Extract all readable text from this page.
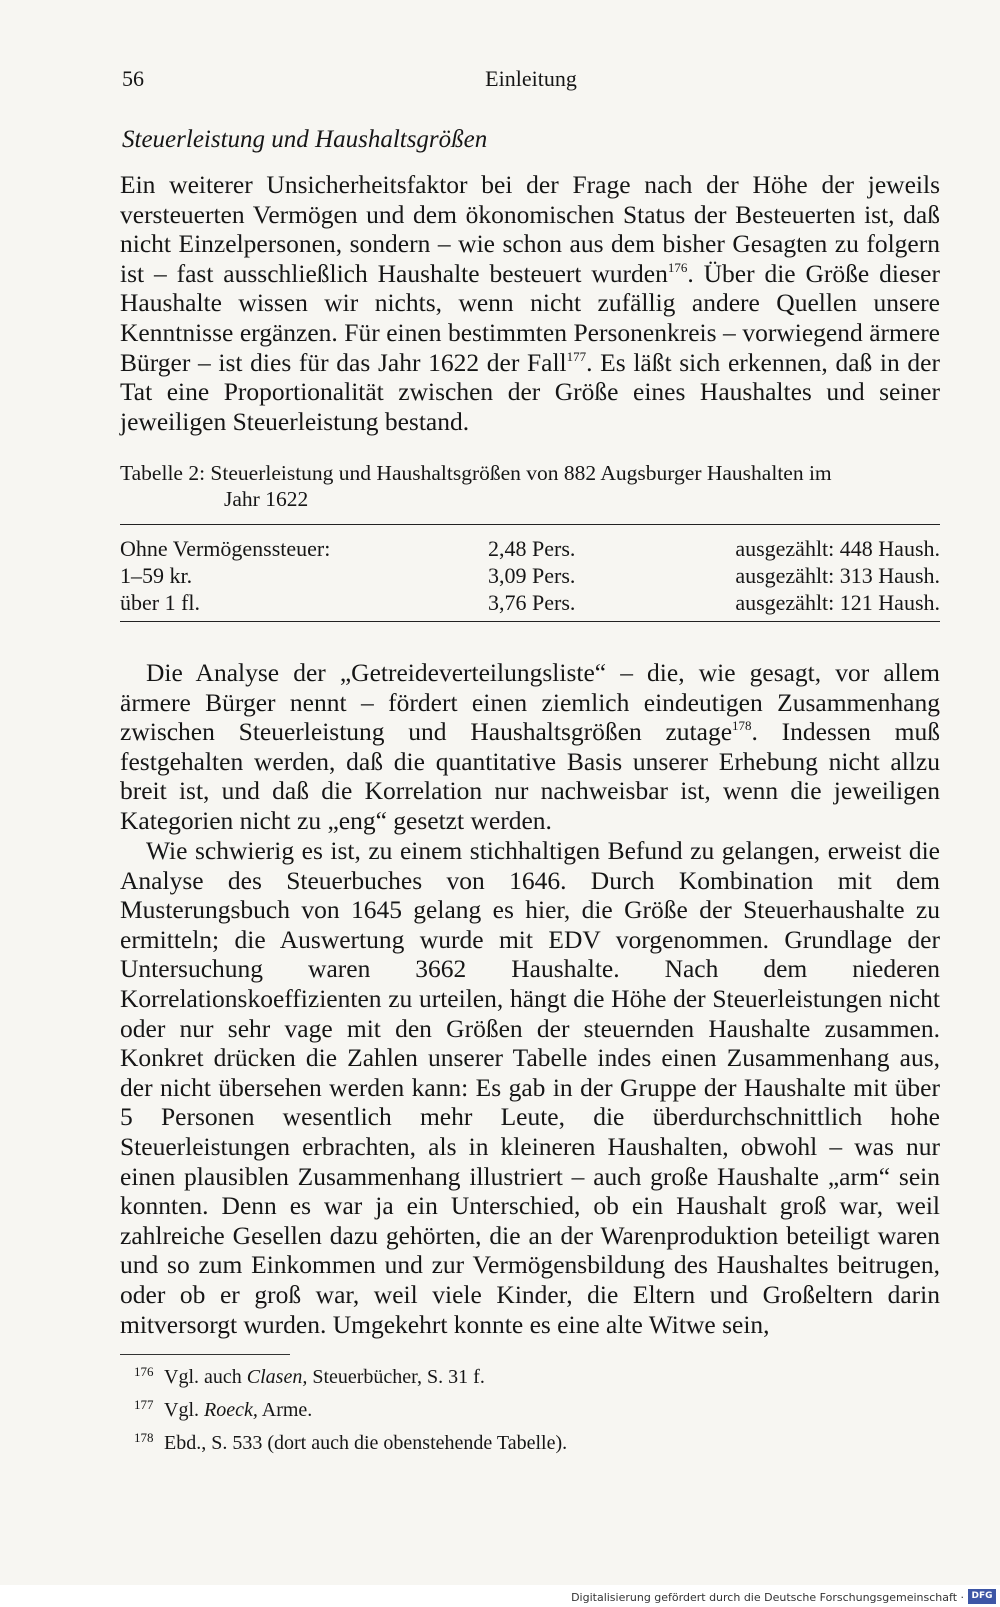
56	Einleitung
Steuerleistung und Haushaltsgrößen

Ein weiterer Unsicherheitsfaktor bei der Frage nach der Höhe der jeweils versteuerten Vermögen und dem ökonomischen Status der Besteuerten ist, daß nicht Einzelpersonen, sondern – wie schon aus dem bisher Gesagten zu folgern ist – fast ausschließlich Haushalte besteuert wurden$^{176}$. Über die Größe dieser Haushalte wissen wir nichts, wenn nicht zufällig andere Quellen unsere Kenntnisse ergänzen. Für einen bestimmten Personenkreis – vorwiegend ärmere Bürger – ist dies für das Jahr 1622 der Fall$^{177}$. Es läßt sich erkennen, daß in der Tat eine Proportionalität zwischen der Größe eines Haushaltes und seiner jeweiligen Steuerleistung bestand.

Tabelle 2: Steuerleistung und Haushaltsgrößen von 882 Augsburger Haushalten im
Jahr 1622
Ohne Vermögenssteuer:	2,48 Pers.	ausgezählt: 448 Haush.
1–59 kr.	3,09 Pers.	ausgezählt: 313 Haush.
über 1 fl.	3,76 Pers.	ausgezählt: 121 Haush.

Die Analyse der „Getreideverteilungsliste“ – die, wie gesagt, vor allem ärmere Bürger nennt – fördert einen ziemlich eindeutigen Zusammenhang zwischen Steuerleistung und Haushaltsgrößen zutage$^{178}$. Indessen muß festgehalten werden, daß die quantitative Basis unserer Erhebung nicht allzu breit ist, und daß die Korrelation nur nachweisbar ist, wenn die jeweiligen Kategorien nicht zu „eng“ gesetzt werden.

Wie schwierig es ist, zu einem stichhaltigen Befund zu gelangen, erweist die Analyse des Steuerbuches von 1646. Durch Kombination mit dem Musterungsbuch von 1645 gelang es hier, die Größe der Steuerhaushalte zu ermitteln; die Auswertung wurde mit EDV vorgenommen. Grundlage der Untersuchung waren 3662 Haushalte. Nach dem niederen Korrelationskoeffizienten zu urteilen, hängt die Höhe der Steuerleistungen nicht oder nur sehr vage mit den Größen der steuernden Haushalte zusammen. Konkret drücken die Zahlen unserer Tabelle indes einen Zusammenhang aus, der nicht übersehen werden kann: Es gab in der Gruppe der Haushalte mit über 5 Personen wesentlich mehr Leute, die überdurchschnittlich hohe Steuerleistungen erbrachten, als in kleineren Haushalten, obwohl – was nur einen plausiblen Zusammenhang illustriert – auch große Haushalte „arm“ sein konnten. Denn es war ja ein Unterschied, ob ein Haushalt groß war, weil zahlreiche Gesellen dazu gehörten, die an der Warenproduktion beteiligt waren und so zum Einkommen und zur Vermögensbildung des Haushaltes beitrugen, oder ob er groß war, weil viele Kinder, die Eltern und Großeltern darin mitversorgt wurden. Umgekehrt konnte es eine alte Witwe sein,

176 Vgl. auch Clasen, Steuerbücher, S. 31 f.
177 Vgl. Roeck, Arme.
178 Ebd., S. 533 (dort auch die obenstehende Tabelle).
Digitalisierung gefördert durch die Deutsche Forschungsgemeinschaft · DFG
